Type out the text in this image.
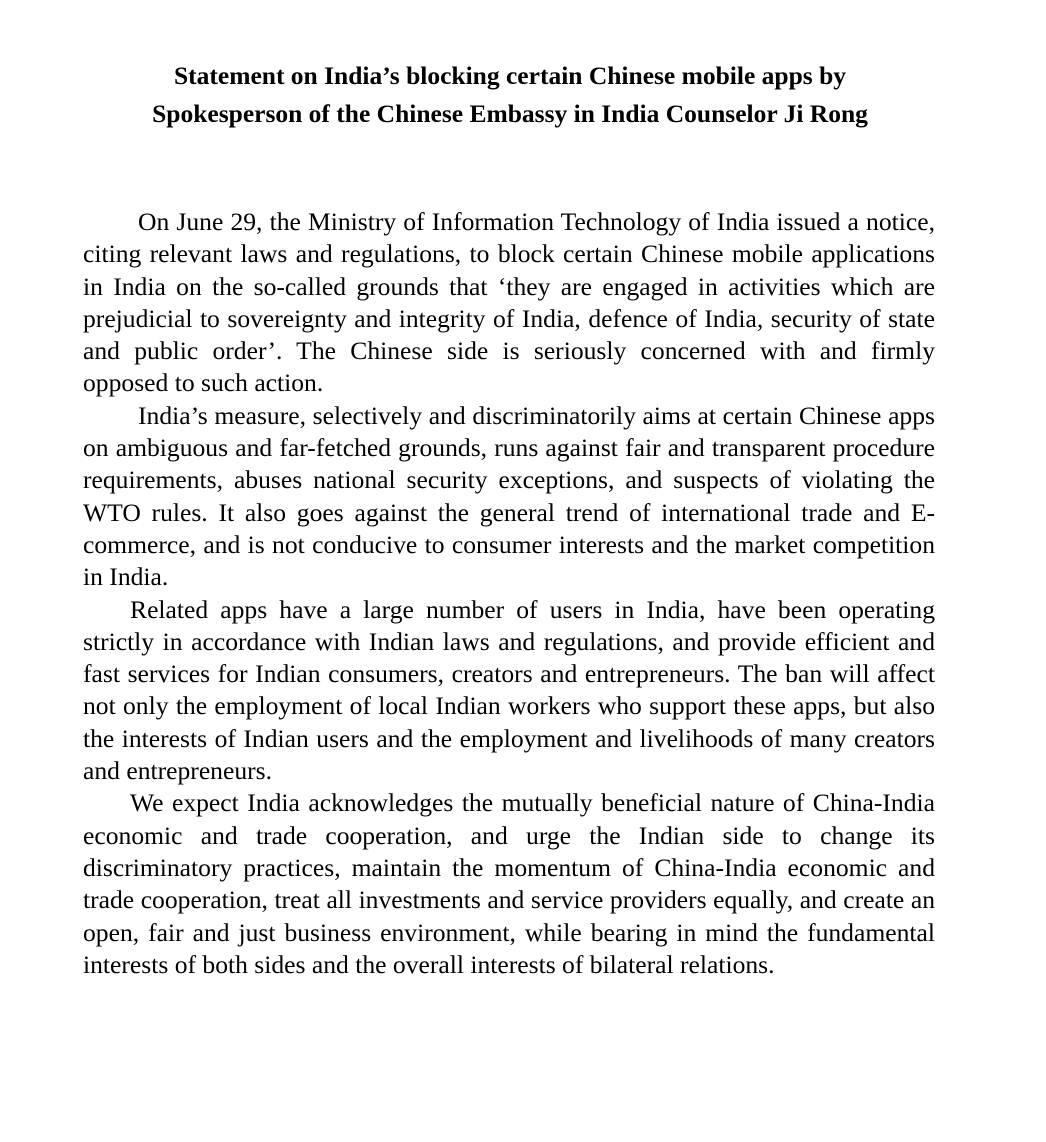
Statement on India’s blocking certain Chinese mobile apps by
Spokesperson of the Chinese Embassy in India Counselor Ji Rong

On June 29, the Ministry of Information Technology of India issued a notice, citing relevant laws and regulations, to block certain Chinese mobile applications in India on the so-called grounds that ‘they are engaged in activities which are prejudicial to sovereignty and integrity of India, defence of India, security of state and public order’. The Chinese side is seriously concerned with and firmly opposed to such action.

India’s measure, selectively and discriminatorily aims at certain Chinese apps on ambiguous and far-fetched grounds, runs against fair and transparent procedure requirements, abuses national security exceptions, and suspects of violating the WTO rules. It also goes against the general trend of international trade and E-commerce, and is not conducive to consumer interests and the market competition in India.

Related apps have a large number of users in India, have been operating strictly in accordance with Indian laws and regulations, and provide efficient and fast services for Indian consumers, creators and entrepreneurs. The ban will affect not only the employment of local Indian workers who support these apps, but also the interests of Indian users and the employment and livelihoods of many creators and entrepreneurs.

We expect India acknowledges the mutually beneficial nature of China-India economic and trade cooperation, and urge the Indian side to change its discriminatory practices, maintain the momentum of China-India economic and trade cooperation, treat all investments and service providers equally, and create an open, fair and just business environment, while bearing in mind the fundamental interests of both sides and the overall interests of bilateral relations.
